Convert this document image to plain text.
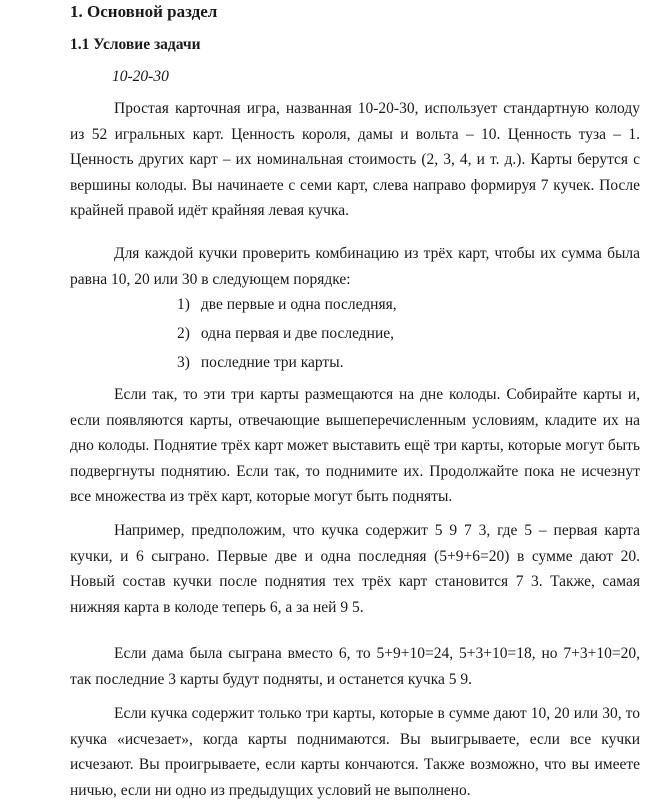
1. Основной раздел
1.1 Условие задачи
10-20-30

Простая карточная игра, названная 10-20-30, использует стандартную колоду из 52 игральных карт. Ценность короля, дамы и вольта – 10. Ценность туза – 1. Ценность других карт – их номинальная стоимость (2, 3, 4, и т. д.). Карты берутся с вершины колоды. Вы начинаете с семи карт, слева направо формируя 7 кучек. После крайней правой идёт крайняя левая кучка.

Для каждой кучки проверить комбинацию из трёх карт, чтобы их сумма была равна 10, 20 или 30 в следующем порядке:

1) две первые и одна последняя,
2) одна первая и две последние,
3) последние три карты.

Если так, то эти три карты размещаются на дне колоды. Собирайте карты и, если появляются карты, отвечающие вышеперечисленным условиям, кладите их на дно колоды. Поднятие трёх карт может выставить ещё три карты, которые могут быть подвергнуты поднятию. Если так, то поднимите их. Продолжайте пока не исчезнут все множества из трёх карт, которые могут быть подняты.

Например, предположим, что кучка содержит 5 9 7 3, где 5 – первая карта кучки, и 6 сыграно. Первые две и одна последняя (5+9+6=20) в сумме дают 20. Новый состав кучки после поднятия тех трёх карт становится 7 3. Также, самая нижняя карта в колоде теперь 6, а за ней 9 5.

Если дама была сыграна вместо 6, то 5+9+10=24, 5+3+10=18, но 7+3+10=20, так последние 3 карты будут подняты, и останется кучка 5 9.

Если кучка содержит только три карты, которые в сумме дают 10, 20 или 30, то кучка «исчезает», когда карты поднимаются. Вы выигрываете, если все кучки исчезают. Вы проигрываете, если карты кончаются. Также возможно, что вы имеете ничью, если ни одно из предыдущих условий не выполнено.
